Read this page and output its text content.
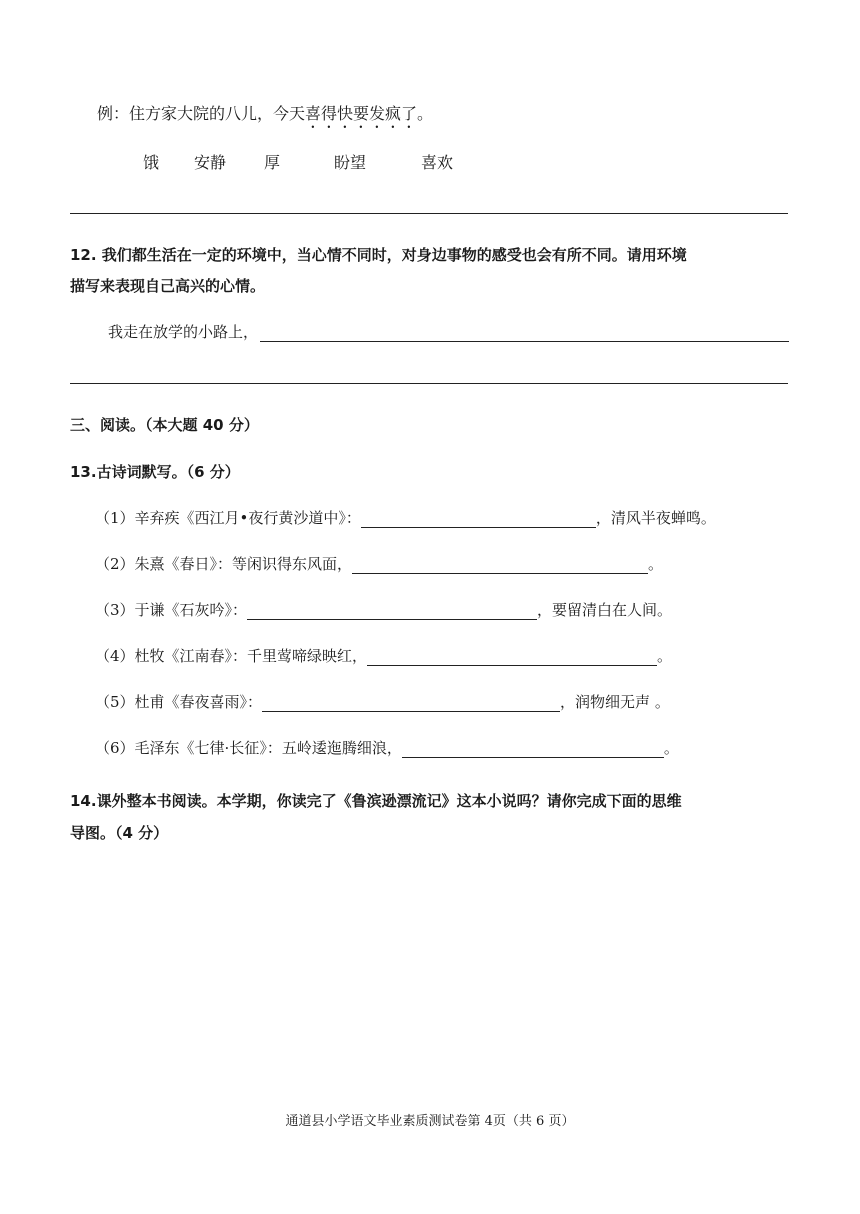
例：住方家大院的八儿，今天喜得快要发疯了。
饿 安静 厚	盼望	喜欢
12. 我们都生活在一定的环境中，当心情不同时，对身边事物的感受也会有所不同。请用环境
描写来表现自己高兴的心情。
我走在放学的小路上，
三、阅读。（本大题 40 分）
13.古诗词默写。（6 分）
（1）辛弃疾《西江月•夜行黄沙道中》：	，清风半夜蝉鸣。
（2）朱熹《春日》：等闲识得东风面，	。
（3）于谦《石灰吟》：	，要留清白在人间。
（4）杜牧《江南春》：千里莺啼绿映红，	。
（5）杜甫《春夜喜雨》：	，润物细无声 。
（6）毛泽东《七律·长征》：五岭逶迤腾细浪，	。
14.课外整本书阅读。本学期，你读完了《鲁滨逊漂流记》这本小说吗？请你完成下面的思维
导图。（4 分）
通道县小学语文毕业素质测试卷第 4页（共 6 页）
